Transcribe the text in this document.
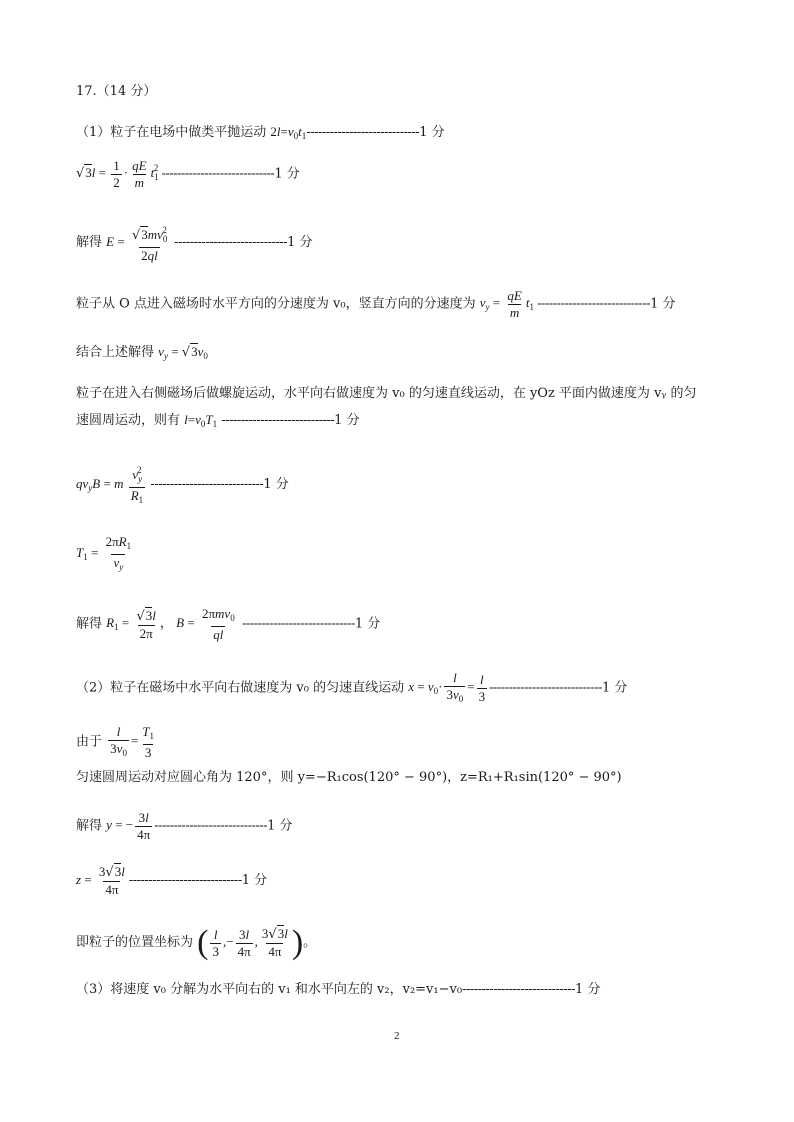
17.（14 分）
（1）粒子在电场中做类平抛运动 $2l=v_0t_1-----------------------------1$ 分
$√3l = \frac{1}{2} \cdot \frac{qE}{m} t_1^2$ -----------------------------1 分
解得 $E = \frac{√3mv_0^2}{2ql} -----------------------------1$ 分
粒子从 O 点进入磁场时水平方向的分速度为 v₀，竖直方向的分速度为 $v_y = \frac{qE}{m} t_1$ -----------------------------1 分
结合上述解得 $v_y = √3v_0$
粒子在进入右侧磁场后做螺旋运动，水平向右做速度为 v₀ 的匀速直线运动，在 yOz 平面内做速度为 vᵧ 的匀
速圆周运动，则有 $l=v_0T_1$ -----------------------------1 分
$qv_yB = m \frac{v_y^2}{R_1} -----------------------------1$ 分
$T_1 = \frac{2\pi R_1}{v_y}$
解得 $R_1 = \frac{√3l}{2\pi}$ ， $B = \frac{2\pi mv_0}{ql} -----------------------------1$ 分
（2）粒子在磁场中水平向右做速度为 v₀ 的匀速直线运动 $x = v_0\cdot \frac{l}{3v_0} = \frac{l}{3} -----------------------------1$ 分
由于 $\frac{l}{3v_0} = \frac{T_1}{3}$
匀速圆周运动对应圆心角为 120°，则 y=−R₁cos(120° − 90°)，z=R₁+R₁sin(120° − 90°)
解得 y = − $\frac{3l}{4\pi} -----------------------------1$ 分
$z = \frac{3√3l}{4\pi} -----------------------------1$ 分
即粒子的位置坐标为 ( $\frac{l}{3}$ ,− $\frac{3l}{4\pi}$ , $\frac{3√3l}{4\pi}$ )。
（3）将速度 v₀ 分解为水平向右的 v₁ 和水平向左的 v₂，v₂=v₁−v₀-----------------------------1 分
2
